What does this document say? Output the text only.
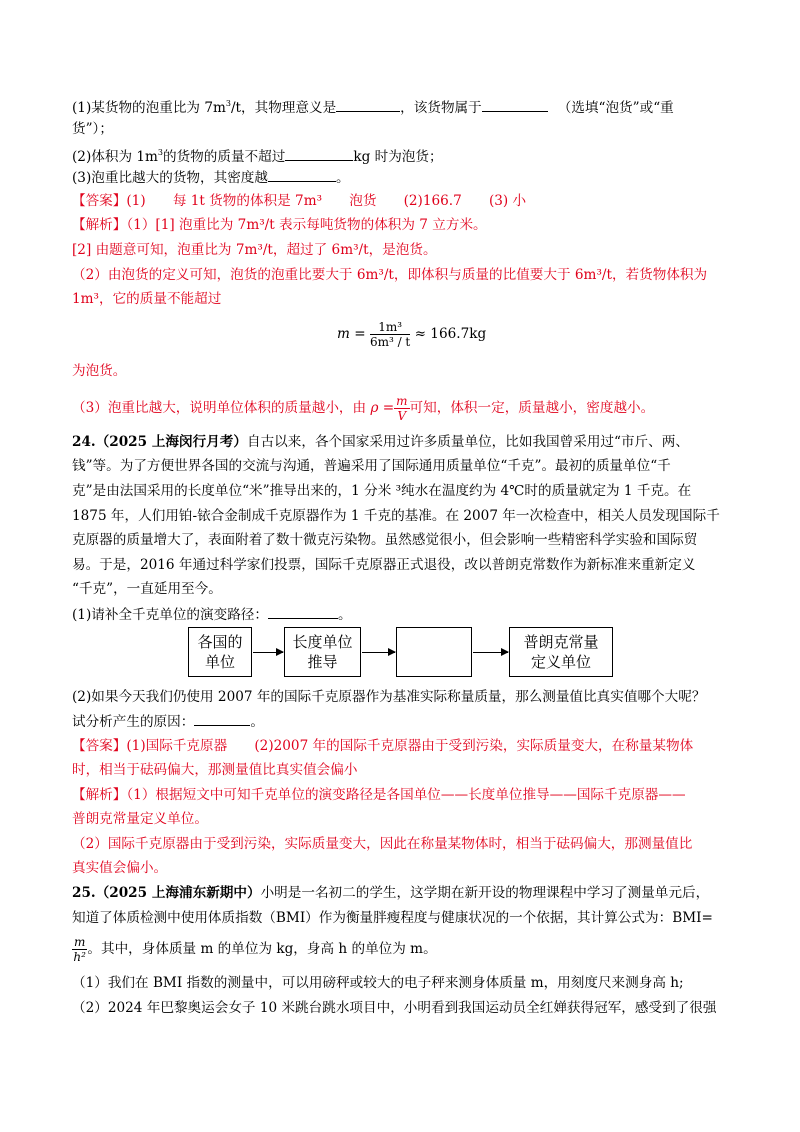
(1)某货物的泡重比为 $7m^3/t$，其物理意义是	，该货物属于	（选填“泡货”或“重
货”）；
(2)体积为 $1m^3$的货物的质量不超过	kg 时为泡货；
(3)泡重比越大的货物，其密度越	。
【答案】(1)　　每 1t 货物的体积是 7m³　　泡货　　(2)166.7　　(3) 小
【解析】（1）[1] 泡重比为 7m³/t 表示每吨货物的体积为 7 立方米。
[2] 由题意可知，泡重比为 7m³/t，超过了 6m³/t，是泡货。
（2）由泡货的定义可知，泡货的泡重比要大于 6m³/t，即体积与质量的比值要大于 6m³/t，若货物体积为
1m³，它的质量不能超过
$m = \frac{\text{1m³}}{\text{6m³ / t}} \approx 166.7kg$
为泡货。
（3）泡重比越大，说明单位体积的质量越小，由 $\rho = \frac{m}{V}$ 可知，体积一定，质量越小，密度越小。
24.（2025 上海闵行月考）自古以来，各个国家采用过许多质量单位，比如我国曾采用过“市斤、两、
钱”等。为了方便世界各国的交流与沟通，普遍采用了国际通用质量单位“千克”。最初的质量单位“千
克”是由法国采用的长度单位“米”推导出来的，1 分米 ³纯水在温度约为 4℃时的质量就定为 1 千克。在
1875 年，人们用铂-铱合金制成千克原器作为 1 千克的基准。在 2007 年一次检查中，相关人员发现国际千
克原器的质量增大了，表面附着了数十微克污染物。虽然感觉很小，但会影响一些精密科学实验和国际贸
易。于是，2016 年通过科学家们投票，国际千克原器正式退役，改以普朗克常数作为新标准来重新定义
“千克”，一直延用至今。
(1)请补全千克单位的演变路径：	。
各国的
单位
长度单位
推导
普朗克常量
定义单位
(2)如果今天我们仍使用 2007 年的国际千克原器作为基准实际称量质量，那么测量值比真实值哪个大呢？
试分析产生的原因：	。
【答案】(1)国际千克原器　　(2)2007 年的国际千克原器由于受到污染，实际质量变大，在称量某物体
时，相当于砝码偏大，那测量值比真实值会偏小
【解析】（1）根据短文中可知千克单位的演变路径是各国单位——长度单位推导——国际千克原器——
普朗克常量定义单位。
（2）国际千克原器由于受到污染，实际质量变大，因此在称量某物体时，相当于砝码偏大，那测量值比
真实值会偏小。
25.（2025 上海浦东新期中）小明是一名初二的学生，这学期在新开设的物理课程中学习了测量单元后，
知道了体质检测中使用体质指数（BMI）作为衡量胖瘦程度与健康状况的一个依据，其计算公式为：BMI=
$\frac{m}{\text{h²}}$ 。其中，身体质量 m 的单位为 kg，身高 h 的单位为 m。
（1）我们在 BMI 指数的测量中，可以用磅秤或较大的电子秤来测身体质量 m，用刻度尺来测身高 h;
（2）2024 年巴黎奥运会女子 10 米跳台跳水项目中，小明看到我国运动员全红婵获得冠军，感受到了很强
